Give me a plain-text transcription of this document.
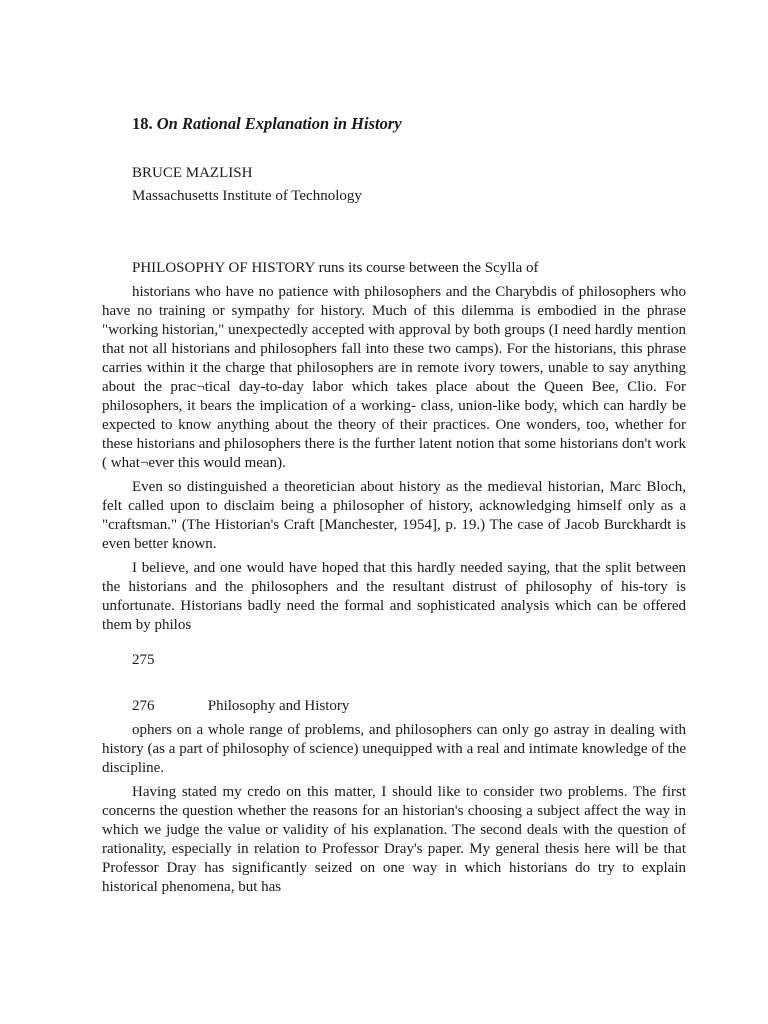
18. On Rational Explanation in History
BRUCE MAZLISH
Massachusetts Institute of Technology
PHILOSOPHY OF HISTORY runs its course between the Scylla of

historians who have no patience with philosophers and the Charybdis of philosophers who have no training or sympathy for history. Much of this dilemma is embodied in the phrase "working historian," unexpectedly accepted with approval by both groups (I need hardly mention that not all historians and philosophers fall into these two camps). For the historians, this phrase carries within it the charge that philosophers are in remote ivory towers, unable to say anything about the prac¬tical day-to-day labor which takes place about the Queen Bee, Clio. For philosophers, it bears the implication of a working- class, union-like body, which can hardly be expected to know anything about the theory of their practices. One wonders, too, whether for these historians and philosophers there is the further latent notion that some historians don't work ( what¬ever this would mean).

Even so distinguished a theoretician about history as the medieval historian, Marc Bloch, felt called upon to disclaim being a philosopher of history, acknowledging himself only as a "craftsman." (The Historian's Craft [Manchester, 1954], p. 19.) The case of Jacob Burckhardt is even better known.

I believe, and one would have hoped that this hardly needed saying, that the split between the historians and the philosophers and the resultant distrust of philosophy of his-tory is unfortunate. Historians badly need the formal and sophisticated analysis which can be offered them by philos

275
276	Philosophy and History

ophers on a whole range of problems, and philosophers can only go astray in dealing with history (as a part of philosophy of science) unequipped with a real and intimate knowledge of the discipline.

Having stated my credo on this matter, I should like to consider two problems. The first concerns the question whether the reasons for an historian's choosing a subject affect the way in which we judge the value or validity of his explanation. The second deals with the question of rationality, especially in relation to Professor Dray's paper. My general thesis here will be that Professor Dray has significantly seized on one way in which historians do try to explain historical phenomena, but has
